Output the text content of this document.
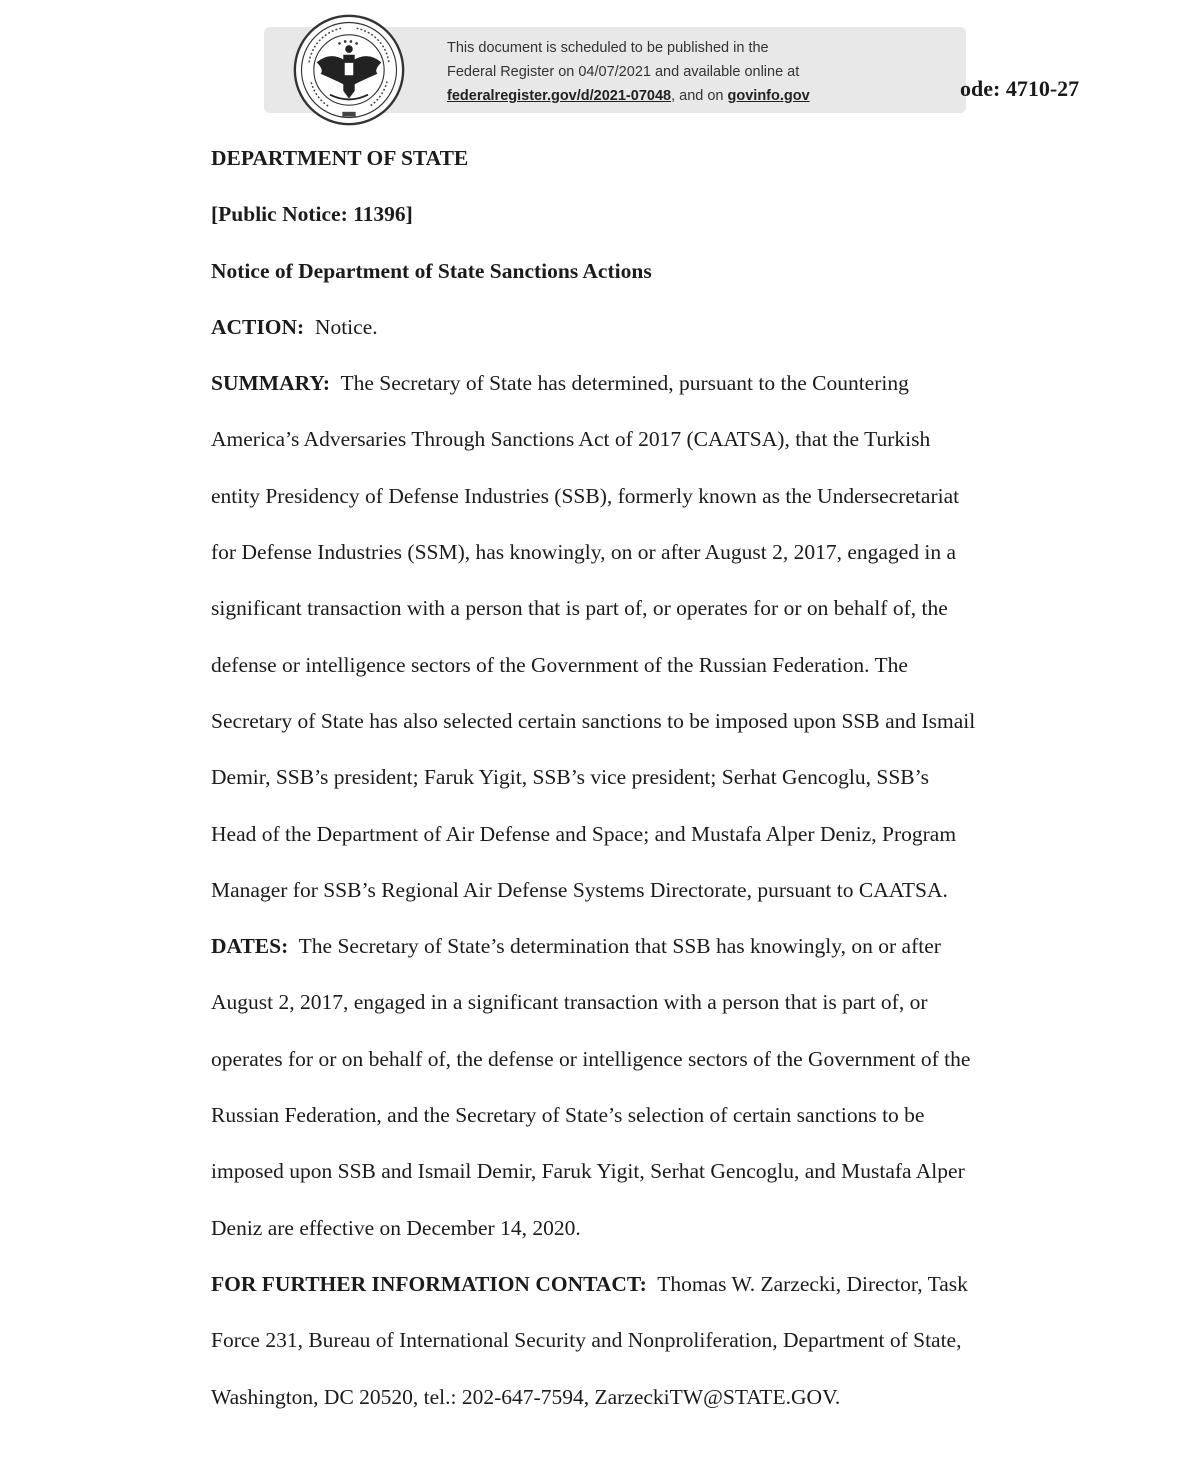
This document is scheduled to be published in the
Federal Register on 04/07/2021 and available online at
federalregister.gov/d/2021-07048, and on govinfo.gov	ode: 4710-27

DEPARTMENT OF STATE

[Public Notice: 11396]

Notice of Department of State Sanctions Actions

ACTION: Notice.

SUMMARY: The Secretary of State has determined, pursuant to the Countering
America’s Adversaries Through Sanctions Act of 2017 (CAATSA), that the Turkish
entity Presidency of Defense Industries (SSB), formerly known as the Undersecretariat
for Defense Industries (SSM), has knowingly, on or after August 2, 2017, engaged in a
significant transaction with a person that is part of, or operates for or on behalf of, the
defense or intelligence sectors of the Government of the Russian Federation. The
Secretary of State has also selected certain sanctions to be imposed upon SSB and Ismail
Demir, SSB’s president; Faruk Yigit, SSB’s vice president; Serhat Gencoglu, SSB’s
Head of the Department of Air Defense and Space; and Mustafa Alper Deniz, Program
Manager for SSB’s Regional Air Defense Systems Directorate, pursuant to CAATSA.
DATES: The Secretary of State’s determination that SSB has knowingly, on or after
August 2, 2017, engaged in a significant transaction with a person that is part of, or
operates for or on behalf of, the defense or intelligence sectors of the Government of the
Russian Federation, and the Secretary of State’s selection of certain sanctions to be
imposed upon SSB and Ismail Demir, Faruk Yigit, Serhat Gencoglu, and Mustafa Alper
Deniz are effective on December 14, 2020.
FOR FURTHER INFORMATION CONTACT: Thomas W. Zarzecki, Director, Task
Force 231, Bureau of International Security and Nonproliferation, Department of State,
Washington, DC 20520, tel.: 202-647-7594, ZarzeckiTW@STATE.GOV.
